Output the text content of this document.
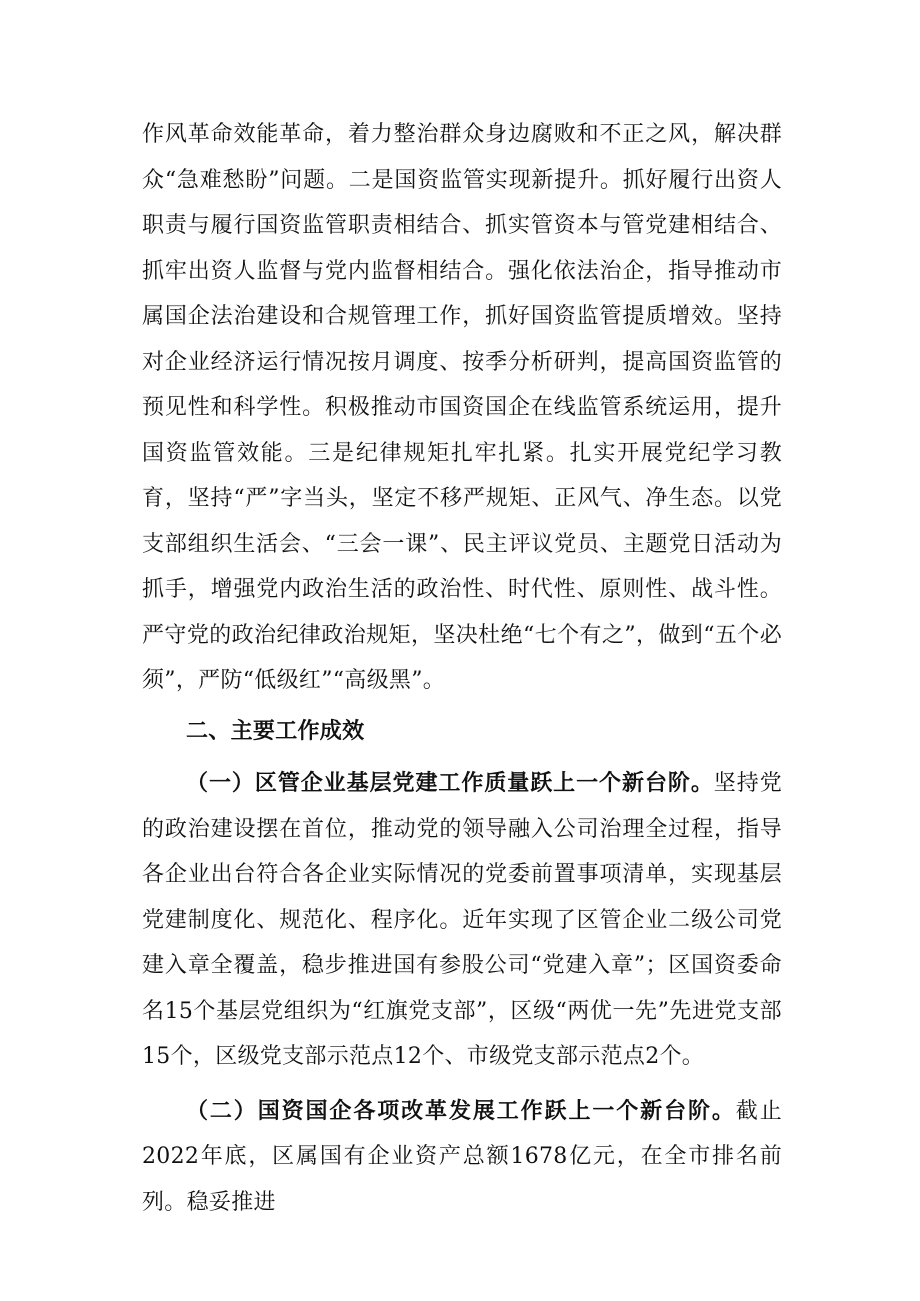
作风革命效能革命，着力整治群众身边腐败和不正之风，解决群众“急难愁盼”问题。二是国资监管实现新提升。抓好履行出资人职责与履行国资监管职责相结合、抓实管资本与管党建相结合、抓牢出资人监督与党内监督相结合。强化依法治企，指导推动市属国企法治建设和合规管理工作，抓好国资监管提质增效。坚持对企业经济运行情况按月调度、按季分析研判，提高国资监管的预见性和科学性。积极推动市国资国企在线监管系统运用，提升国资监管效能。三是纪律规矩扎牢扎紧。扎实开展党纪学习教育，坚持“严”字当头，坚定不移严规矩、正风气、净生态。以党支部组织生活会、“三会一课”、民主评议党员、主题党日活动为抓手，增强党内政治生活的政治性、时代性、原则性、战斗性。严守党的政治纪律政治规矩，坚决杜绝“七个有之”，做到“五个必须”，严防“低级红”“高级黑”。

二、主要工作成效

（一）区管企业基层党建工作质量跃上一个新台阶。坚持党的政治建设摆在首位，推动党的领导融入公司治理全过程，指导各企业出台符合各企业实际情况的党委前置事项清单，实现基层党建制度化、规范化、程序化。近年实现了区管企业二级公司党建入章全覆盖，稳步推进国有参股公司“党建入章”；区国资委命名15个基层党组织为“红旗党支部”，区级“两优一先”先进党支部15个，区级党支部示范点12个、市级党支部示范点2个。

（二）国资国企各项改革发展工作跃上一个新台阶。截止2022年底，区属国有企业资产总额1678亿元，在全市排名前列。稳妥推进
